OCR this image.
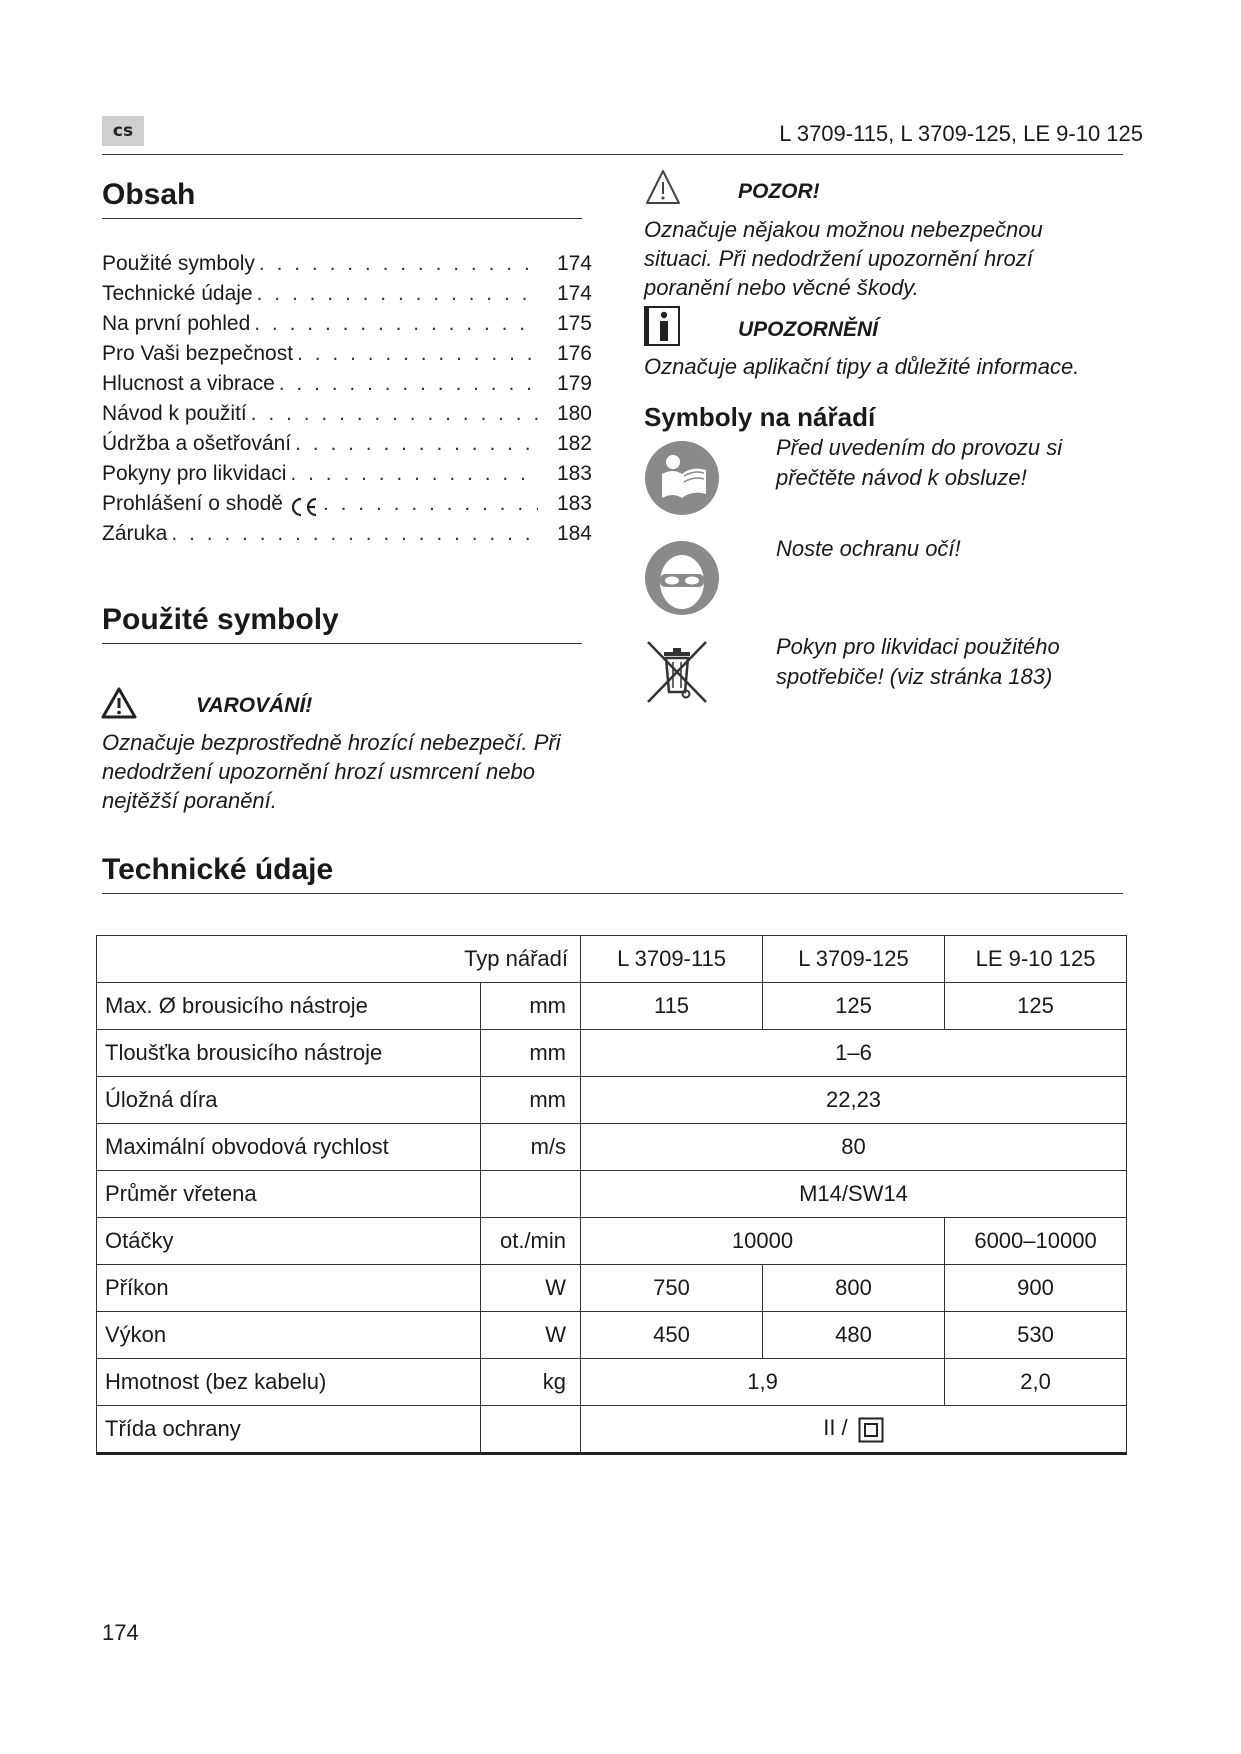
cs	L 3709-115, L 3709-125, LE 9-10 125
Obsah
Použité symboly . . .	174
Technické údaje . . .	174
Na první pohled . . .	175
Pro Vaši bezpečnost . . .	176
Hlucnost a vibrace . . .	179
Návod k použití . . .	180
Údržba a ošetřování . . .	182
Pokyny pro likvidaci . . .	183
Prohlášení o shodě . . .	183
Záruka . . .	184
Použité symboly
VAROVÁNÍ!
Označuje bezprostředně hrozící nebezpečí. Při nedodržení upozornění hrozí usmrcení nebo nejtěžší poranění.
POZOR!
Označuje nějakou možnou nebezpečnou situaci. Při nedodržení upozornění hrozí poranění nebo věcné škody.
UPOZORNĚNÍ
Označuje aplikační tipy a důležité informace.
Symboly na nářadí
Před uvedením do provozu si přečtěte návod k obsluze!
Noste ochranu očí!
Pokyn pro likvidaci použitého spotřebiče! (viz stránka 183)
Technické údaje
Typ nářadí		L 3709-115	L 3709-125	LE 9-10 125
Max. Ø brousicího nástroje	mm	115	125	125
Tloušťka brousicího nástroje	mm	1–6		
Úložná díra	mm	22,23		
Maximální obvodová rychlost	m/s	80		
Průměr vřetena		M14/SW14		
Otáčky	ot./min	10000		6000–10000
Příkon	W	750	800	900
Výkon	W	450	480	530
Hmotnost (bez kabelu)	kg	1,9		2,0
Třída ochrany		II /		
174
